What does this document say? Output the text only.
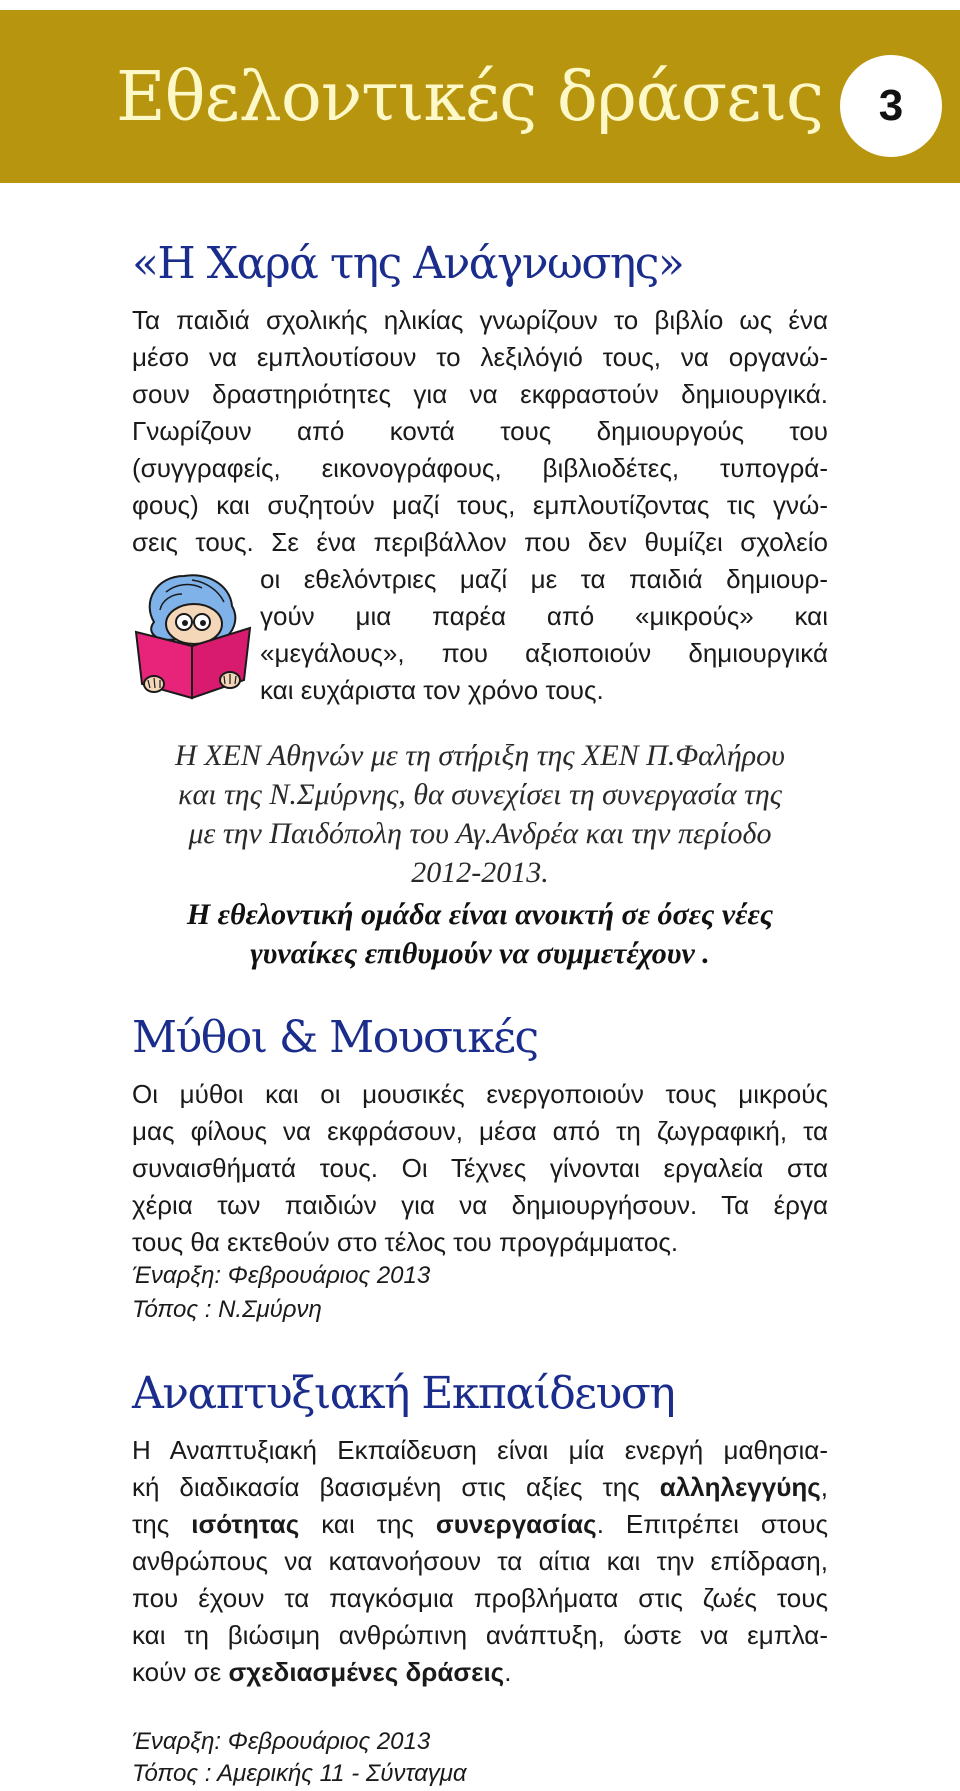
Εθελοντικές δράσεις	3
«Η Χαρά της Ανάγνωσης»
Τα παιδιά σχολικής ηλικίας γνωρίζουν το βιβλίο ως ένα
μέσο να εμπλουτίσουν το λεξιλόγιό τους, να οργανώ-
σουν δραστηριότητες για να εκφραστούν δημιουργικά.
Γνωρίζουν από κοντά τους δημιουργούς του
(συγγραφείς, εικονογράφους, βιβλιοδέτες, τυπογρά-
φους) και συζητούν μαζί τους, εμπλουτίζοντας τις γνώ-
σεις τους. Σε ένα περιβάλλον που δεν θυμίζει σχολείο
οι εθελόντριες μαζί με τα παιδιά δημιουρ-
γούν μια παρέα από «μικρούς» και
«μεγάλους», που αξιοποιούν δημιουργικά
και ευχάριστα τον χρόνο τους.
Η ΧΕΝ Αθηνών με τη στήριξη της ΧΕΝ Π.Φαλήρου
και της Ν.Σμύρνης, θα συνεχίσει τη συνεργασία της
με την Παιδόπολη του Αγ.Ανδρέα και την περίοδο
2012-2013.
Η εθελοντική ομάδα είναι ανοικτή σε όσες νέες
γυναίκες επιθυμούν να συμμετέχουν .
Μύθοι & Μουσικές
Οι μύθοι και οι μουσικές ενεργοποιούν τους μικρούς
μας φίλους να εκφράσουν, μέσα από τη ζωγραφική, τα
συναισθήματά τους. Οι Τέχνες γίνονται εργαλεία στα
χέρια των παιδιών για να δημιουργήσουν. Τα έργα
τους θα εκτεθούν στο τέλος του προγράμματος.
Έναρξη: Φεβρουάριος 2013
Τόπος : Ν.Σμύρνη
Αναπτυξιακή Εκπαίδευση
Η Αναπτυξιακή Εκπαίδευση είναι μία ενεργή μαθησια-
κή διαδικασία βασισμένη στις αξίες της αλληλεγγύης,
της ισότητας και της συνεργασίας. Επιτρέπει στους
ανθρώπους να κατανοήσουν τα αίτια και την επίδραση,
που έχουν τα παγκόσμια προβλήματα στις ζωές τους
και τη βιώσιμη ανθρώπινη ανάπτυξη, ώστε να εμπλα-
κούν σε σχεδιασμένες δράσεις.
Έναρξη: Φεβρουάριος 2013
Τόπος : Αμερικής 11 - Σύνταγμα
